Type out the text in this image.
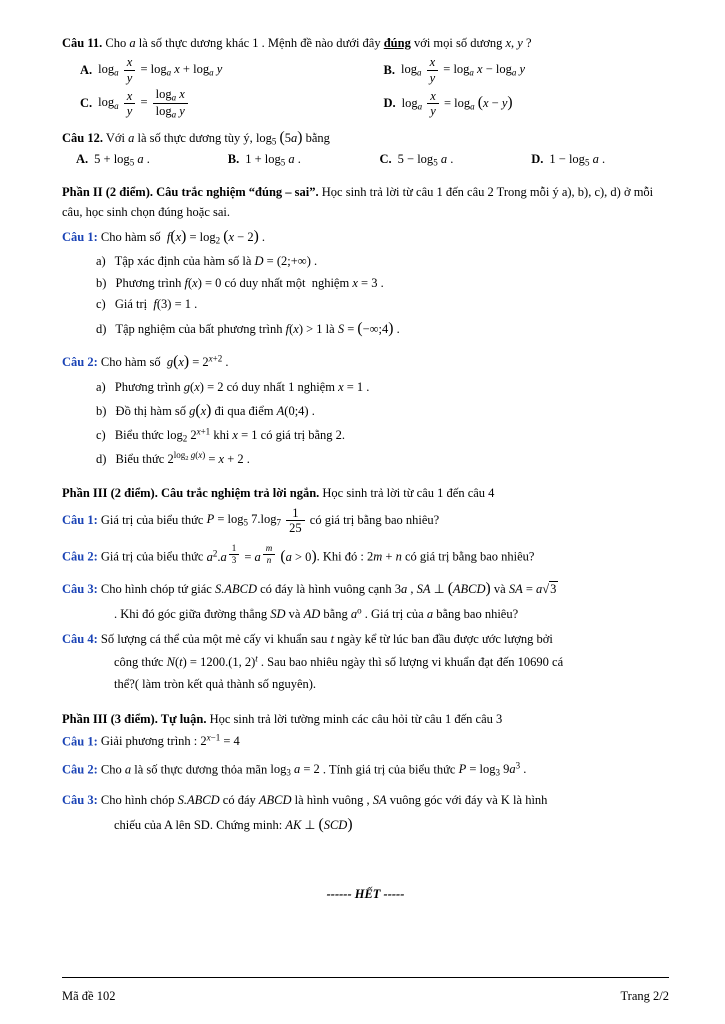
Câu 11. Cho a là số thực dương khác 1 . Mệnh đề nào dưới đây đúng với mọi số dương x, y ?
A. $\log_a \frac{x}{y} = \log_a x + \log_a y$	B. $\log_a \frac{x}{y} = \log_a x - \log_a y$
C. $\log_a \frac{x}{y} = \frac{\log_a x}{\log_a y}$	D. $\log_a \frac{x}{y} = \log_a (x - y)$
Câu 12. Với a là số thực dương tùy ý, $\log_5 (5a)$ bằng
A. $5 + \log_5 a$ .	B. $1 + \log_5 a$ .	C. $5 - \log_5 a$ .	D. $1 - \log_5 a$ .
Phần II (2 điểm). Câu trắc nghiệm “đúng – sai”. Học sinh trả lời từ câu 1 đến câu 2 Trong mỗi ý a), b), c), d) ở mỗi câu, học sinh chọn đúng hoặc sai.
Câu 1: Cho hàm số $f(x) = \log_2 (x - 2)$ .
a) Tập xác định của hàm số là D = (2;+∞) .
b) Phương trình f(x) = 0 có duy nhất một  nghiệm x = 3 .
c) Giá trị  f(3) = 1 .
d) Tập nghiệm của bất phương trình f(x) > 1 là S = (−∞;4) .
Câu 2: Cho hàm số $g(x) = 2^{x+2}$ .
a) Phương trình g(x) = 2 có duy nhất 1 nghiệm x = 1 .
b) Đồ thị hàm số g(x) đi qua điểm A(0;4) .
c) Biểu thức $\log_2 2^{x+1}$ khi x = 1 có giá trị bằng 2.
d) Biểu thức $2^{log_2 g(x)} = x + 2$ .
Phần III (2 điểm). Câu trắc nghiệm trả lời ngắn. Học sinh trả lời từ câu 1 đến câu 4
Câu 1: Giá trị của biểu thức $P = \log_5 7.\log_7 \frac{1}{25}$ có giá trị bằng bao nhiêu?
Câu 2: Giá trị của biểu thức $a^2.a$ $^{\frac{1}{3}}$ = a $^{\frac{m}{n}}$ (a > 0). Khi đó : 2m + n có giá trị bằng bao nhiêu?
Câu 3: Cho hình chóp tứ giác S.ABCD có đáy là hình vuông cạnh 3a , SA ⊥ (ABCD) và SA = a√3
. Khi đó góc giữa đường thẳng SD và AD bằng $a^o$ . Giá trị của a bằng bao nhiêu?
Câu 4: Số lượng cá thể của một mẻ cấy vi khuẩn sau t ngày kể từ lúc ban đầu được ước lượng bởi
công thức N(t) = 1200.(1, 2)$^t$ . Sau bao nhiêu ngày thì số lượng vi khuẩn đạt đến 10690 cá
thể?( làm tròn kết quả thành số nguyên).
Phần III (3 điểm). Tự luận. Học sinh trả lời tường minh các câu hỏi từ câu 1 đến câu 3
Câu 1: Giải phương trình : $2^{x-1} = 4$
Câu 2: Cho a là số thực dương thỏa mãn $\log_3 a = 2$ . Tính giá trị của biểu thức $P = \log_3 9a^3$ .
Câu 3: Cho hình chóp S.ABCD có đáy ABCD là hình vuông , SA vuông góc với đáy và K là hình
chiếu của A lên SD. Chứng minh: AK ⊥ (SCD)
------ HẾT -----
Mã đề 102	Trang 2/2
